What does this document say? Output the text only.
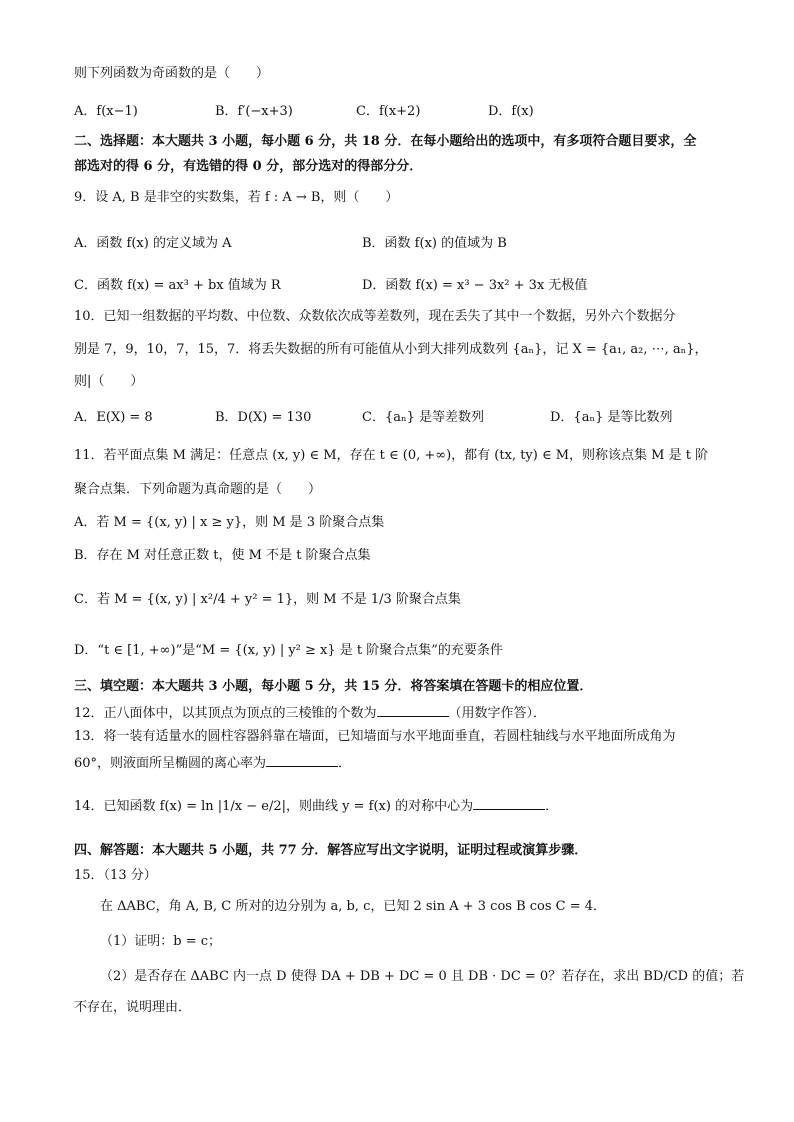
则下列函数为奇函数的是（　　）
A．f(x−1)	B．f′(−x+3)	C．f(x+2)	D．f(x)
二、选择题：本大题共 3 小题，每小题 6 分，共 18 分．在每小题给出的选项中，有多项符合题目要求，全
部选对的得 6 分，有选错的得 0 分，部分选对的得部分分．
9．设 A, B 是非空的实数集，若 f : A → B，则（　　）
A．函数 f(x) 的定义域为 A	B．函数 f(x) 的值域为 B
C．函数 f(x) = ax³ + bx 值域为 R	D．函数 f(x) = x³ − 3x² + 3x 无极值
10．已知一组数据的平均数、中位数、众数依次成等差数列，现在丢失了其中一个数据，另外六个数据分
别是 7，9，10，7，15，7．将丢失数据的所有可能值从小到大排列成数列 {aₙ}，记 X = {a₁, a₂, ⋯, aₙ}，
则|（　　）
A．E(X) = 8	B．D(X) = 130	C．{aₙ} 是等差数列	D．{aₙ} 是等比数列
11．若平面点集 M 满足：任意点 (x, y) ∈ M，存在 t ∈ (0, +∞)，都有 (tx, ty) ∈ M，则称该点集 M 是 t 阶
聚合点集．下列命题为真命题的是（　　）
A．若 M = {(x, y) | x ≥ y}，则 M 是 3 阶聚合点集
B．存在 M 对任意正数 t，使 M 不是 t 阶聚合点集
C．若 M = {(x, y) | x²/4 + y² = 1}，则 M 不是 1/3 阶聚合点集
D．“t ∈ [1, +∞)”是“M = {(x, y) | y² ≥ x} 是 t 阶聚合点集”的充要条件
三、填空题：本大题共 3 小题，每小题 5 分，共 15 分．将答案填在答题卡的相应位置．
12．正八面体中，以其顶点为顶点的三棱锥的个数为	（用数字作答）．
13．将一装有适量水的圆柱容器斜靠在墙面，已知墙面与水平地面垂直，若圆柱轴线与水平地面所成角为
60°，则液面所呈椭圆的离心率为	．
14．已知函数 f(x) = ln |1/x − e/2|，则曲线 y = f(x) 的对称中心为	．
四、解答题：本大题共 5 小题，共 77 分．解答应写出文字说明，证明过程或演算步骤．
15．（13 分）
在 ΔABC，角 A, B, C 所对的边分别为 a, b, c，已知 2 sin A + 3 cos B cos C = 4．
（1）证明：b = c；
（2）是否存在 ΔABC 内一点 D 使得 DA + DB + DC = 0 且 DB · DC = 0？若存在，求出 BD/CD 的值；若
不存在，说明理由．
